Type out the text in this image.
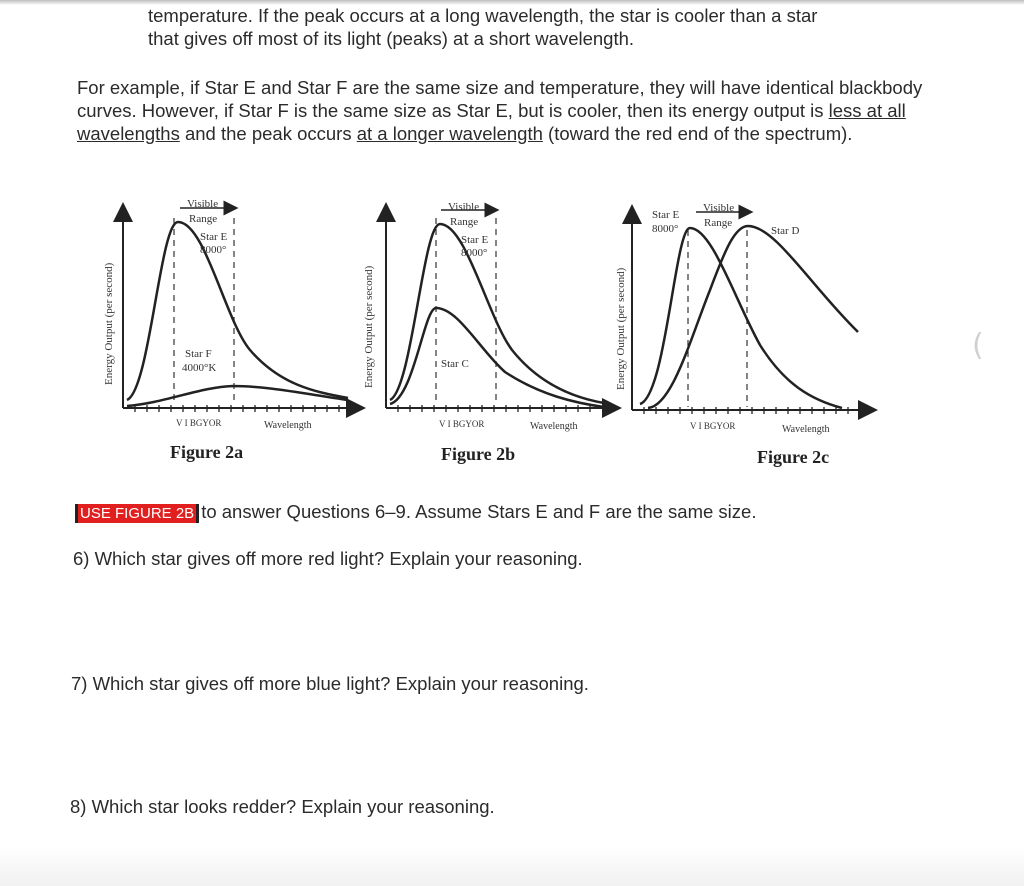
temperature. If the peak occurs at a long wavelength, the star is cooler than a star
that gives off most of its light (peaks) at a short wavelength.

For example, if Star E and Star F are the same size and temperature, they will have identical blackbody curves. However, if Star F is the same size as Star E, but is cooler, then its energy output is less at all wavelengths and the peak occurs at a longer wavelength (toward the red end of the spectrum).

Visible
Range
Star E
8000°
Star F
4000°K
V I BGYOR	Wavelength
Energy Output (per second)
Figure 2a
Visible
Range
Star E
8000°
Star C
V I BGYOR	Wavelength
Energy Output (per second)
Figure 2b
Star E
8000°
Visible
Range
Star D
V I BGYOR	Wavelength
Energy Output (per second)
Figure 2c
USE FIGURE 2B to answer Questions 6–9. Assume Stars E and F are the same size.
6) Which star gives off more red light? Explain your reasoning.
7) Which star gives off more blue light? Explain your reasoning.
8) Which star looks redder? Explain your reasoning.
(
